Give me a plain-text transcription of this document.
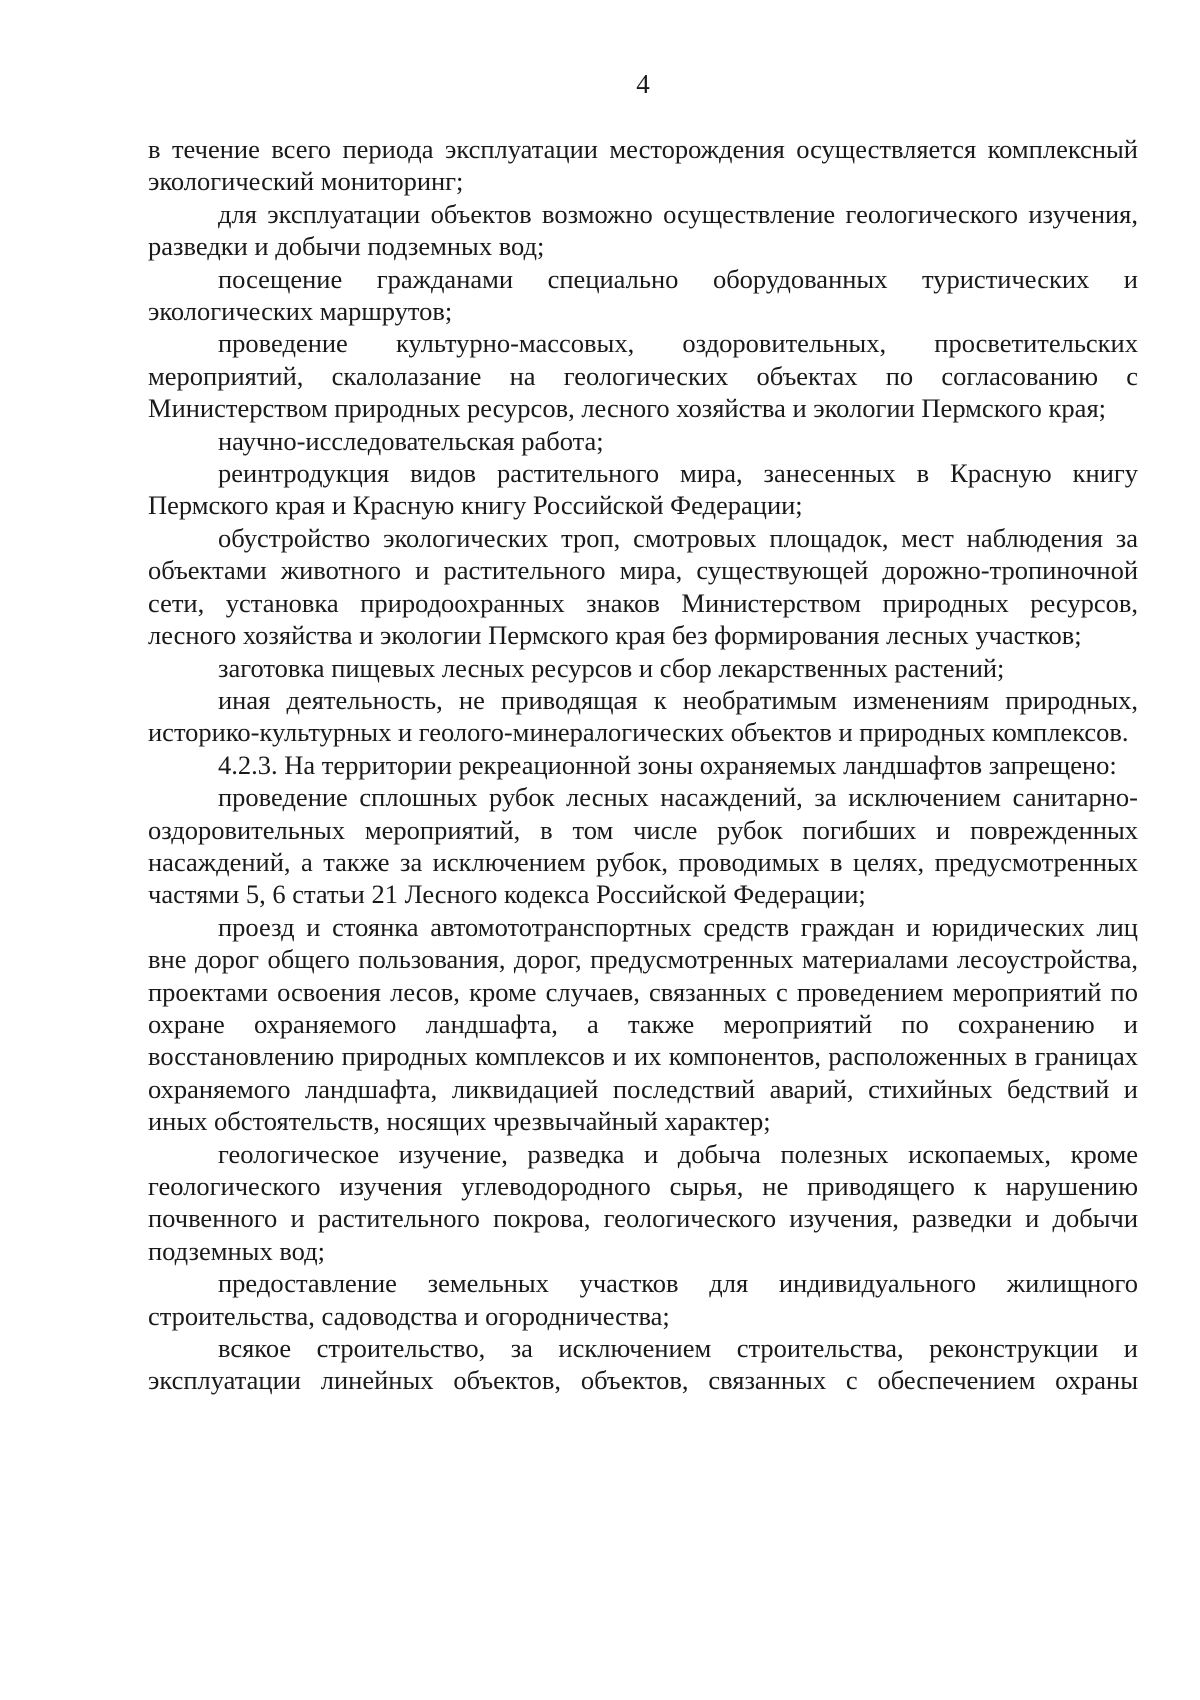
4

в течение всего периода эксплуатации месторождения осуществляется комплексный экологический мониторинг;

для эксплуатации объектов возможно осуществление геологического изучения, разведки и добычи подземных вод;

посещение гражданами специально оборудованных туристических и экологических маршрутов;

проведение культурно-массовых, оздоровительных, просветительских мероприятий, скалолазание на геологических объектах по согласованию с Министерством природных ресурсов, лесного хозяйства и экологии Пермского края;

научно-исследовательская работа;

реинтродукция видов растительного мира, занесенных в Красную книгу Пермского края и Красную книгу Российской Федерации;

обустройство экологических троп, смотровых площадок, мест наблюдения за объектами животного и растительного мира, существующей дорожно-тропиночной сети, установка природоохранных знаков Министерством природных ресурсов, лесного хозяйства и экологии Пермского края без формирования лесных участков;

заготовка пищевых лесных ресурсов и сбор лекарственных растений;

иная деятельность, не приводящая к необратимым изменениям природных, историко-культурных и геолого-минералогических объектов и природных комплексов.

4.2.3. На территории рекреационной зоны охраняемых ландшафтов запрещено:

проведение сплошных рубок лесных насаждений, за исключением санитарно-оздоровительных мероприятий, в том числе рубок погибших и поврежденных насаждений, а также за исключением рубок, проводимых в целях, предусмотренных частями 5, 6 статьи 21 Лесного кодекса Российской Федерации;

проезд и стоянка автомототранспортных средств граждан и юридических лиц вне дорог общего пользования, дорог, предусмотренных материалами лесоустройства, проектами освоения лесов, кроме случаев, связанных с проведением мероприятий по охране охраняемого ландшафта, а также мероприятий по сохранению и восстановлению природных комплексов и их компонентов, расположенных в границах охраняемого ландшафта, ликвидацией последствий аварий, стихийных бедствий и иных обстоятельств, носящих чрезвычайный характер;

геологическое изучение, разведка и добыча полезных ископаемых, кроме геологического изучения углеводородного сырья, не приводящего к нарушению почвенного и растительного покрова, геологического изучения, разведки и добычи подземных вод;

предоставление земельных участков для индивидуального жилищного строительства, садоводства и огородничества;

всякое строительство, за исключением строительства, реконструкции и эксплуатации линейных объектов, объектов, связанных с обеспечением охраны
